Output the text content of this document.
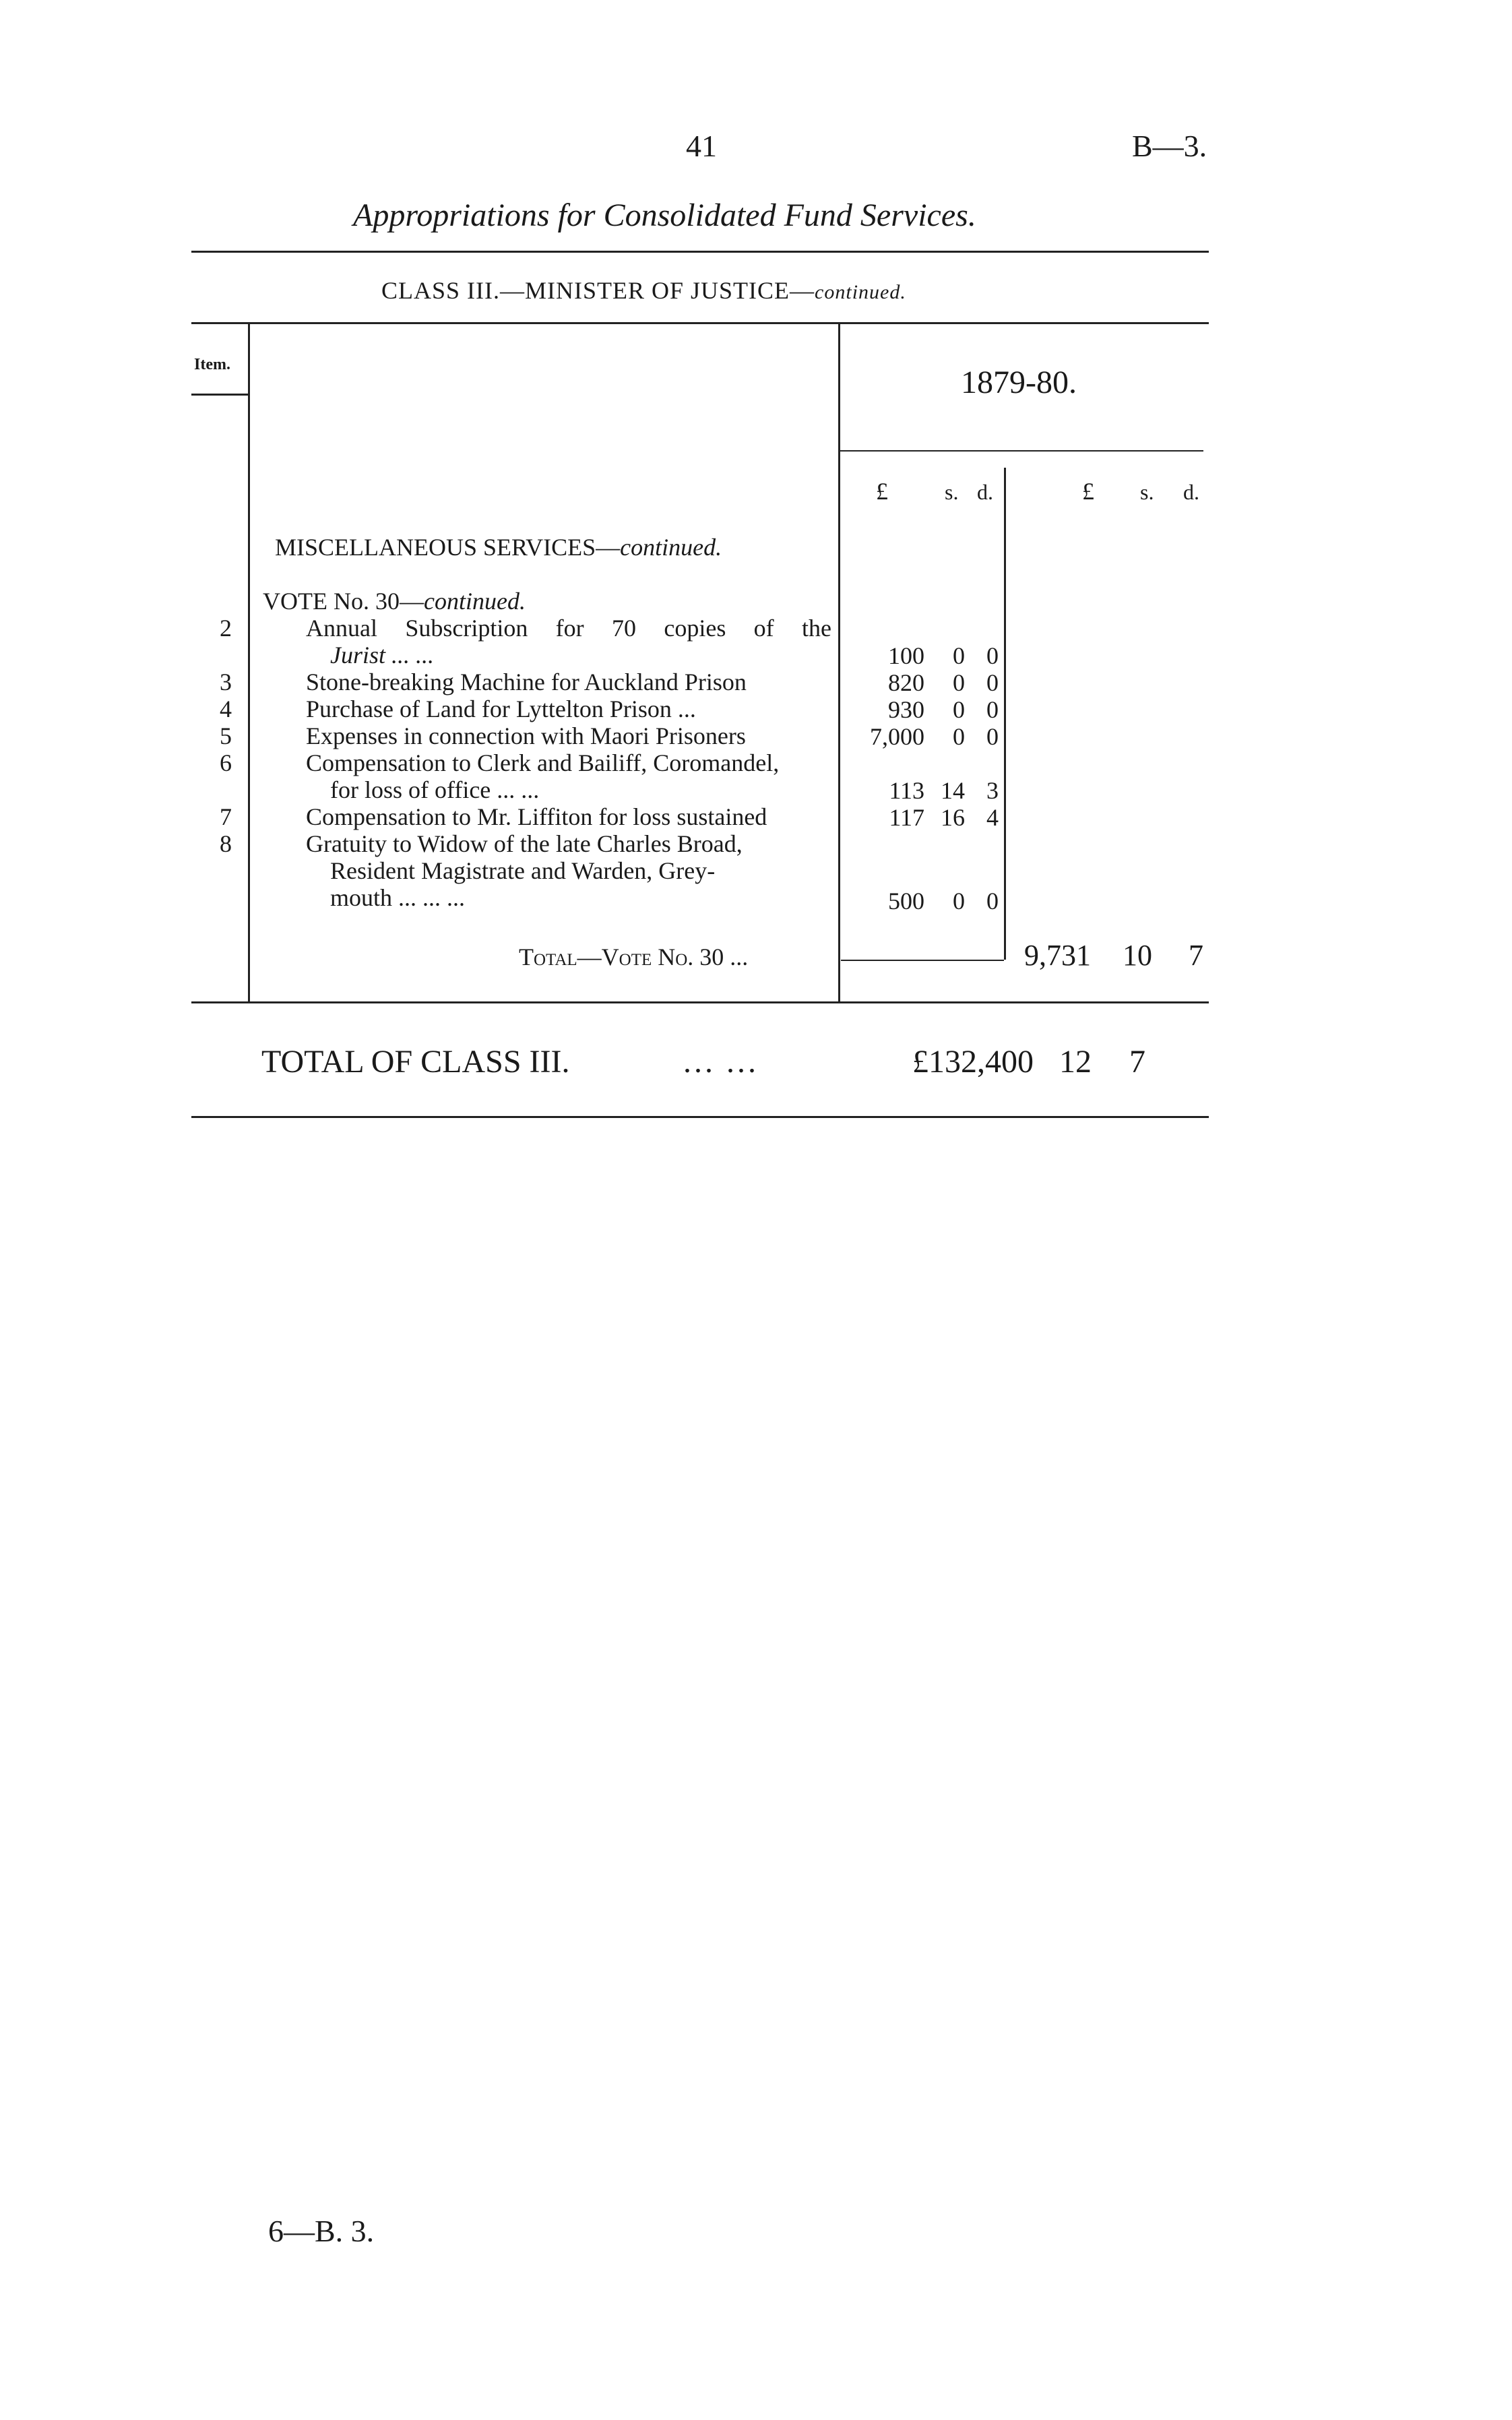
41	B—3.
Appropriations for Consolidated Fund Services.
CLASS III.—MINISTER OF JUSTICE—continued.
Item.	1879-80.
£	s. d.	£ s. d.
MISCELLANEOUS SERVICES—continued.
VOTE No. 30—continued.
2	Annual Subscription for 70 copies of the
Jurist ... ...	100	0 0
3	Stone-breaking Machine for Auckland Prison	820	0 0
4	Purchase of Land for Lyttelton Prison ...	930	0 0
5	Expenses in connection with Maori Prisoners	7,000	0 0
6	Compensation to Clerk and Bailiff, Coromandel,
for loss of office ... ...	113 14 3
7	Compensation to Mr. Liffiton for loss sustained	117 16 4
8	Gratuity to Widow of the late Charles Broad,
Resident Magistrate and Warden, Grey-
mouth ... ... ...	500	0 0
Total—Vote No. 30 ...	9,731 10 7
TOTAL OF CLASS III.	... ...	£132,400 12 7
6—B. 3.
